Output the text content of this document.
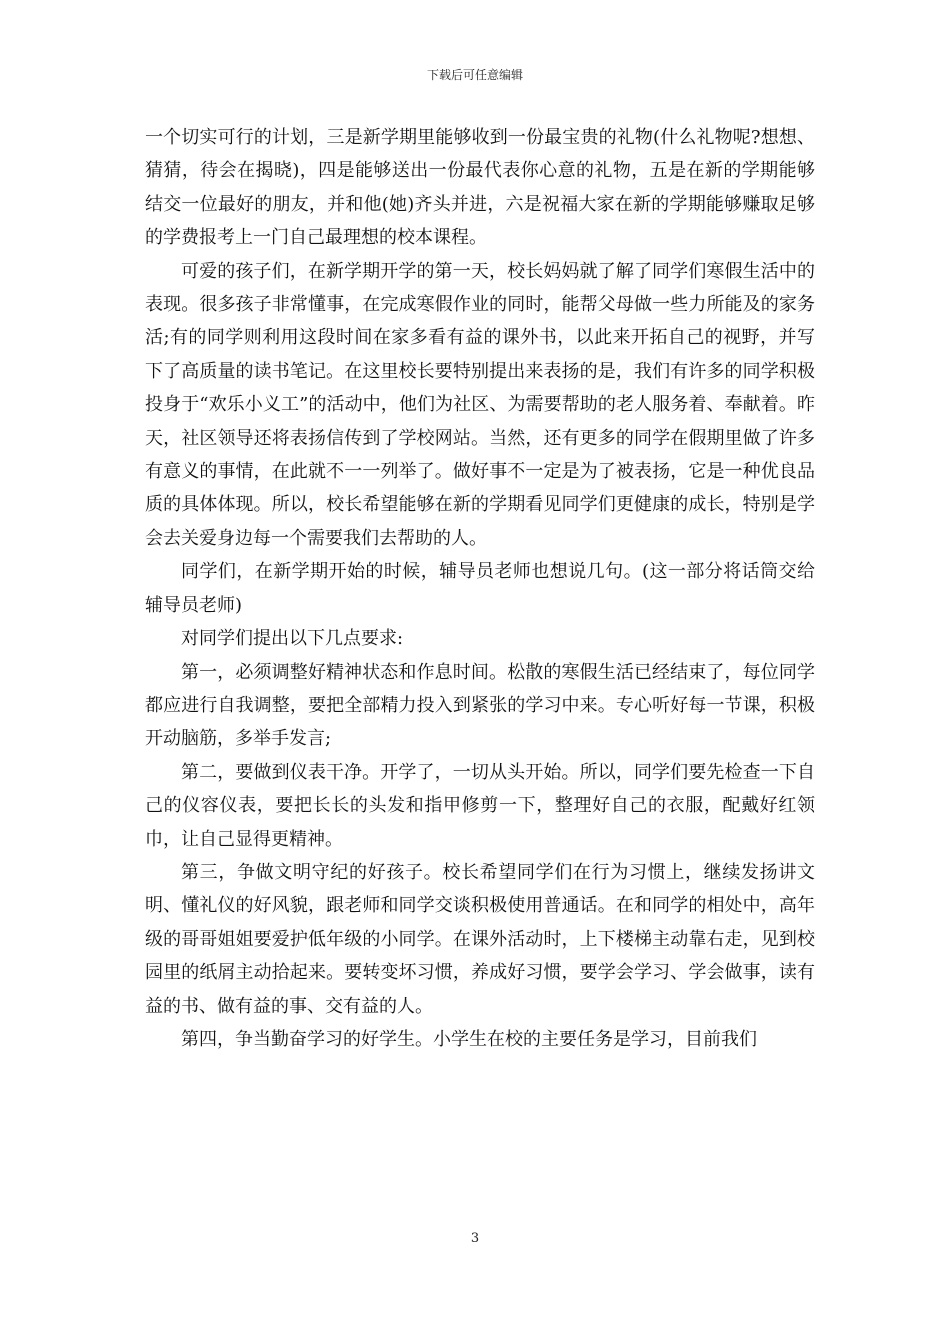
下载后可任意编辑

一个切实可行的计划，三是新学期里能够收到一份最宝贵的礼物(什么礼物呢?想想、猜猜，待会在揭晓)，四是能够送出一份最代表你心意的礼物，五是在新的学期能够结交一位最好的朋友，并和他(她)齐头并进，六是祝福大家在新的学期能够赚取足够的学费报考上一门自己最理想的校本课程。

可爱的孩子们，在新学期开学的第一天，校长妈妈就了解了同学们寒假生活中的表现。很多孩子非常懂事，在完成寒假作业的同时，能帮父母做一些力所能及的家务活;有的同学则利用这段时间在家多看有益的课外书，以此来开拓自己的视野，并写下了高质量的读书笔记。在这里校长要特别提出来表扬的是，我们有许多的同学积极投身于“欢乐小义工”的活动中，他们为社区、为需要帮助的老人服务着、奉献着。昨天，社区领导还将表扬信传到了学校网站。当然，还有更多的同学在假期里做了许多有意义的事情，在此就不一一列举了。做好事不一定是为了被表扬，它是一种优良品质的具体体现。所以，校长希望能够在新的学期看见同学们更健康的成长，特别是学会去关爱身边每一个需要我们去帮助的人。

同学们，在新学期开始的时候，辅导员老师也想说几句。(这一部分将话筒交给辅导员老师)

对同学们提出以下几点要求:

第一，必须调整好精神状态和作息时间。松散的寒假生活已经结束了，每位同学都应进行自我调整，要把全部精力投入到紧张的学习中来。专心听好每一节课，积极开动脑筋，多举手发言;

第二，要做到仪表干净。开学了，一切从头开始。所以，同学们要先检查一下自己的仪容仪表，要把长长的头发和指甲修剪一下，整理好自己的衣服，配戴好红领巾，让自己显得更精神。

第三，争做文明守纪的好孩子。校长希望同学们在行为习惯上，继续发扬讲文明、懂礼仪的好风貌，跟老师和同学交谈积极使用普通话。在和同学的相处中，高年级的哥哥姐姐要爱护低年级的小同学。在课外活动时，上下楼梯主动靠右走，见到校园里的纸屑主动拾起来。要转变坏习惯，养成好习惯，要学会学习、学会做事，读有益的书、做有益的事、交有益的人。

第四，争当勤奋学习的好学生。小学生在校的主要任务是学习，目前我们

3
